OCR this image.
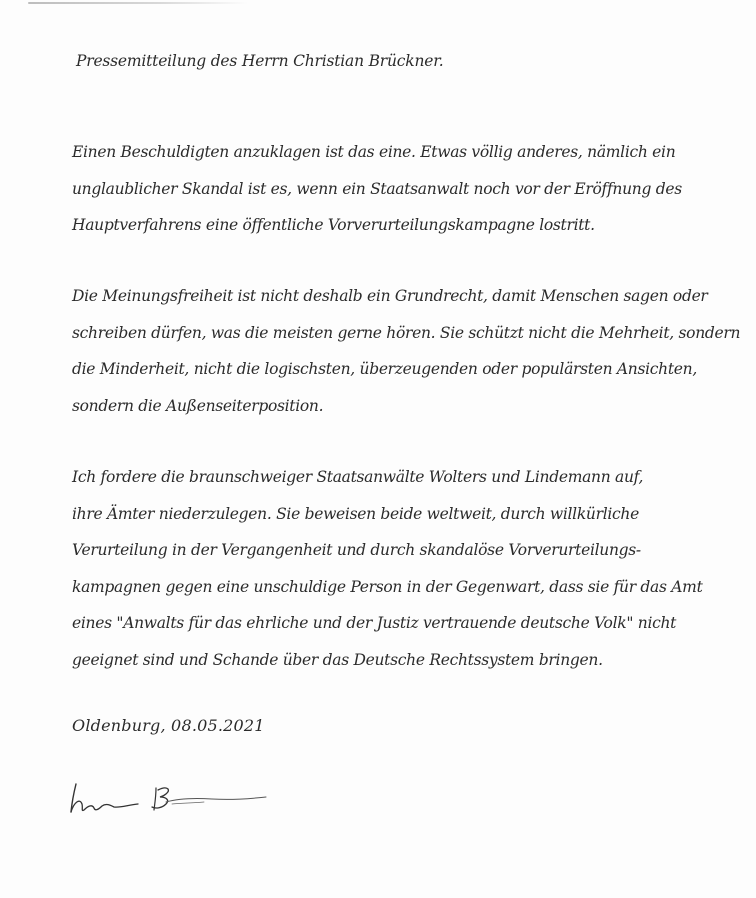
Pressemitteilung des Herrn Christian Brückner.
Einen Beschuldigten anzuklagen ist das eine. Etwas völlig anderes, nämlich ein
unglaublicher Skandal ist es, wenn ein Staatsanwalt noch vor der Eröffnung des
Hauptverfahrens eine öffentliche Vorverurteilungskampagne lostritt.
Die Meinungsfreiheit ist nicht deshalb ein Grundrecht, damit Menschen sagen oder
schreiben dürfen, was die meisten gerne hören. Sie schützt nicht die Mehrheit, sondern
die Minderheit, nicht die logischsten, überzeugenden oder populärsten Ansichten,
sondern die Außenseiterposition.
Ich fordere die braunschweiger Staatsanwälte Wolters und Lindemann auf,
ihre Ämter niederzulegen. Sie beweisen beide weltweit, durch willkürliche
Verurteilung in der Vergangenheit und durch skandalöse Vorverurteilungs-
kampagnen gegen eine unschuldige Person in der Gegenwart, dass sie für das Amt
eines "Anwalts für das ehrliche und der Justiz vertrauende deutsche Volk" nicht
geeignet sind und Schande über das Deutsche Rechtssystem bringen.
Oldenburg, 08.05.2021
